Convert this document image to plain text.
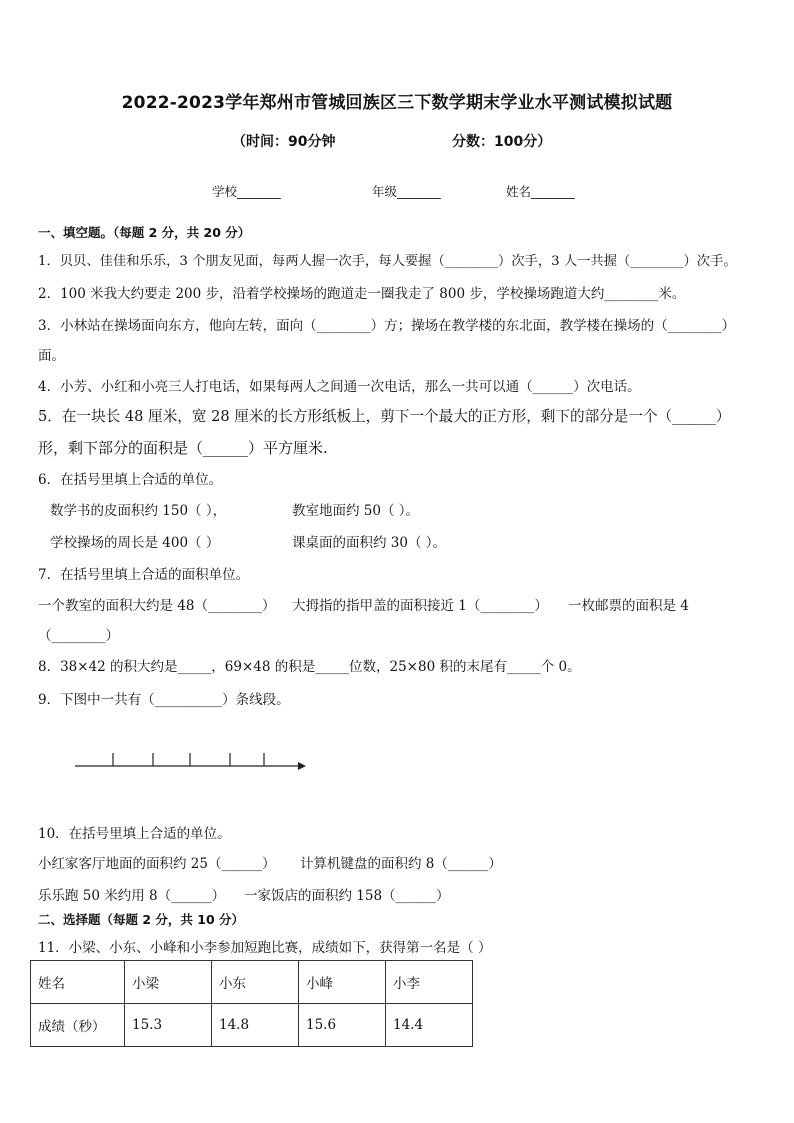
2022-2023学年郑州市管城回族区三下数学期末学业水平测试模拟试题
（时间：90分钟	分数：100分）
学校_______	年级_______	姓名_______
一、填空题。（每题 2 分，共 20 分）
1．贝贝、佳佳和乐乐，3 个朋友见面，每两人握一次手，每人要握（________）次手，3 人一共握（________）次手。
2．100 米我大约要走 200 步，沿着学校操场的跑道走一圈我走了 800 步，学校操场跑道大约________米。
3．小林站在操场面向东方，他向左转，面向（________）方；操场在教学楼的东北面，教学楼在操场的（________）
面。
4．小芳、小红和小亮三人打电话，如果每两人之间通一次电话，那么一共可以通（______）次电话。
5．在一块长 48 厘米，宽 28 厘米的长方形纸板上，剪下一个最大的正方形，剩下的部分是一个（______）
形，剩下部分的面积是（______）平方厘米.
6．在括号里填上合适的单位。
数学书的皮面积约 150（ ），	教室地面约 50（ ）。
学校操场的周长是 400（ ）	课桌面的面积约 30（ ）。
7．在括号里填上合适的面积单位。
一个教室的面积大约是 48（________） 大拇指的指甲盖的面积接近 1（________） 一枚邮票的面积是 4
（________）
8．38×42 的积大约是_____，69×48 的积是_____位数，25×80 积的末尾有_____个 0。
9．下图中一共有（__________）条线段。
10．在括号里填上合适的单位。
小红家客厅地面的面积约 25（______） 计算机键盘的面积约 8（______）
乐乐跑 50 米约用 8（______） 一家饭店的面积约 158（______）
二、选择题（每题 2 分，共 10 分）
11．小梁、小东、小峰和小李参加短跑比赛，成绩如下，获得第一名是（ ）
姓名	小梁	小东	小峰	小李
成绩（秒）	15.3	14.8	15.6	14.4
